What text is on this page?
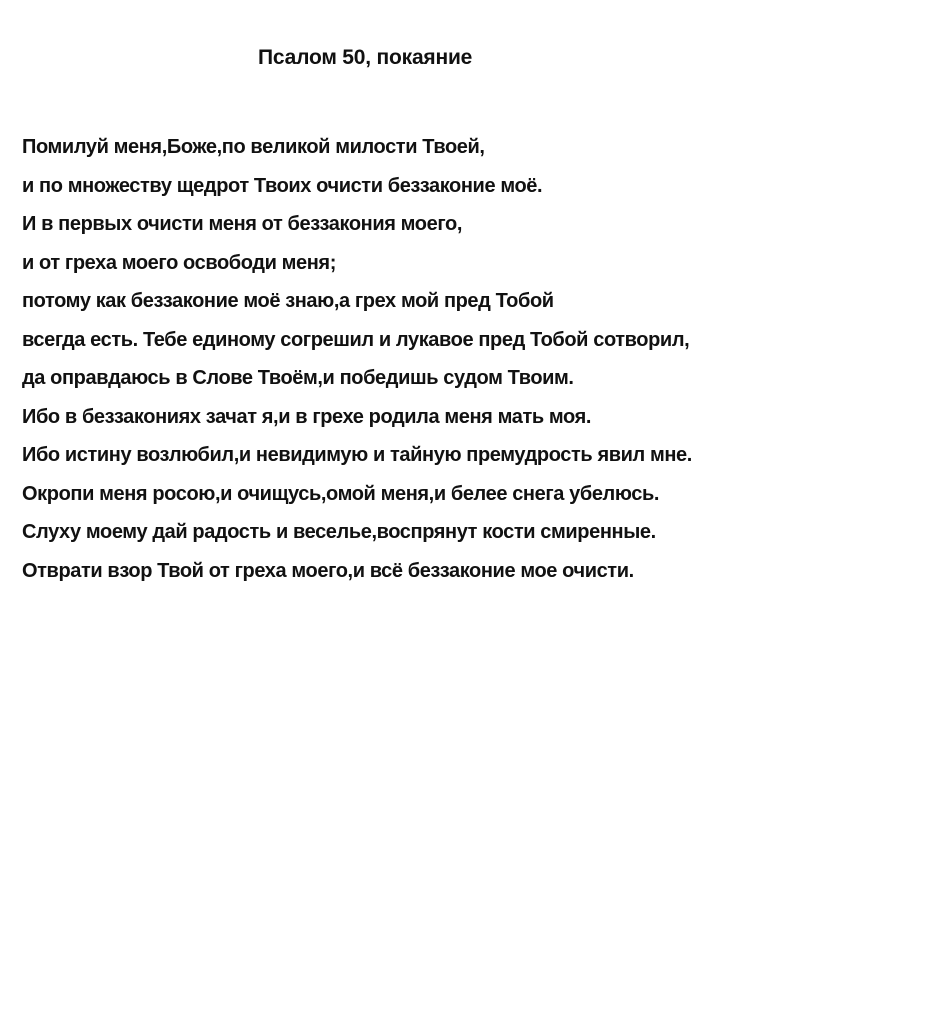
Псалом 50, покаяние
Помилуй меня,Боже,по великой милости Твоей,
и по множеству щедрот Твоих очисти беззаконие моё.
И в первых очисти меня от беззакония моего,
и от греха моего освободи меня;
потому как беззаконие моё знаю,а грех мой пред Тобой
всегда есть. Тебе единому согрешил и лукавое пред Тобой сотворил,
да оправдаюсь в Слове Твоём,и победишь судом Твоим.
Ибо в беззакониях зачат я,и в грехе родила меня мать моя.
Ибо истину возлюбил,и невидимую и тайную премудрость явил мне.
Окропи меня росою,и очищусь,омой меня,и белее снега убелюсь.
Слуху моему дай радость и веселье,воспрянут кости смиренные.
Отврати взор Твой от греха моего,и всё беззаконие мое очисти.
